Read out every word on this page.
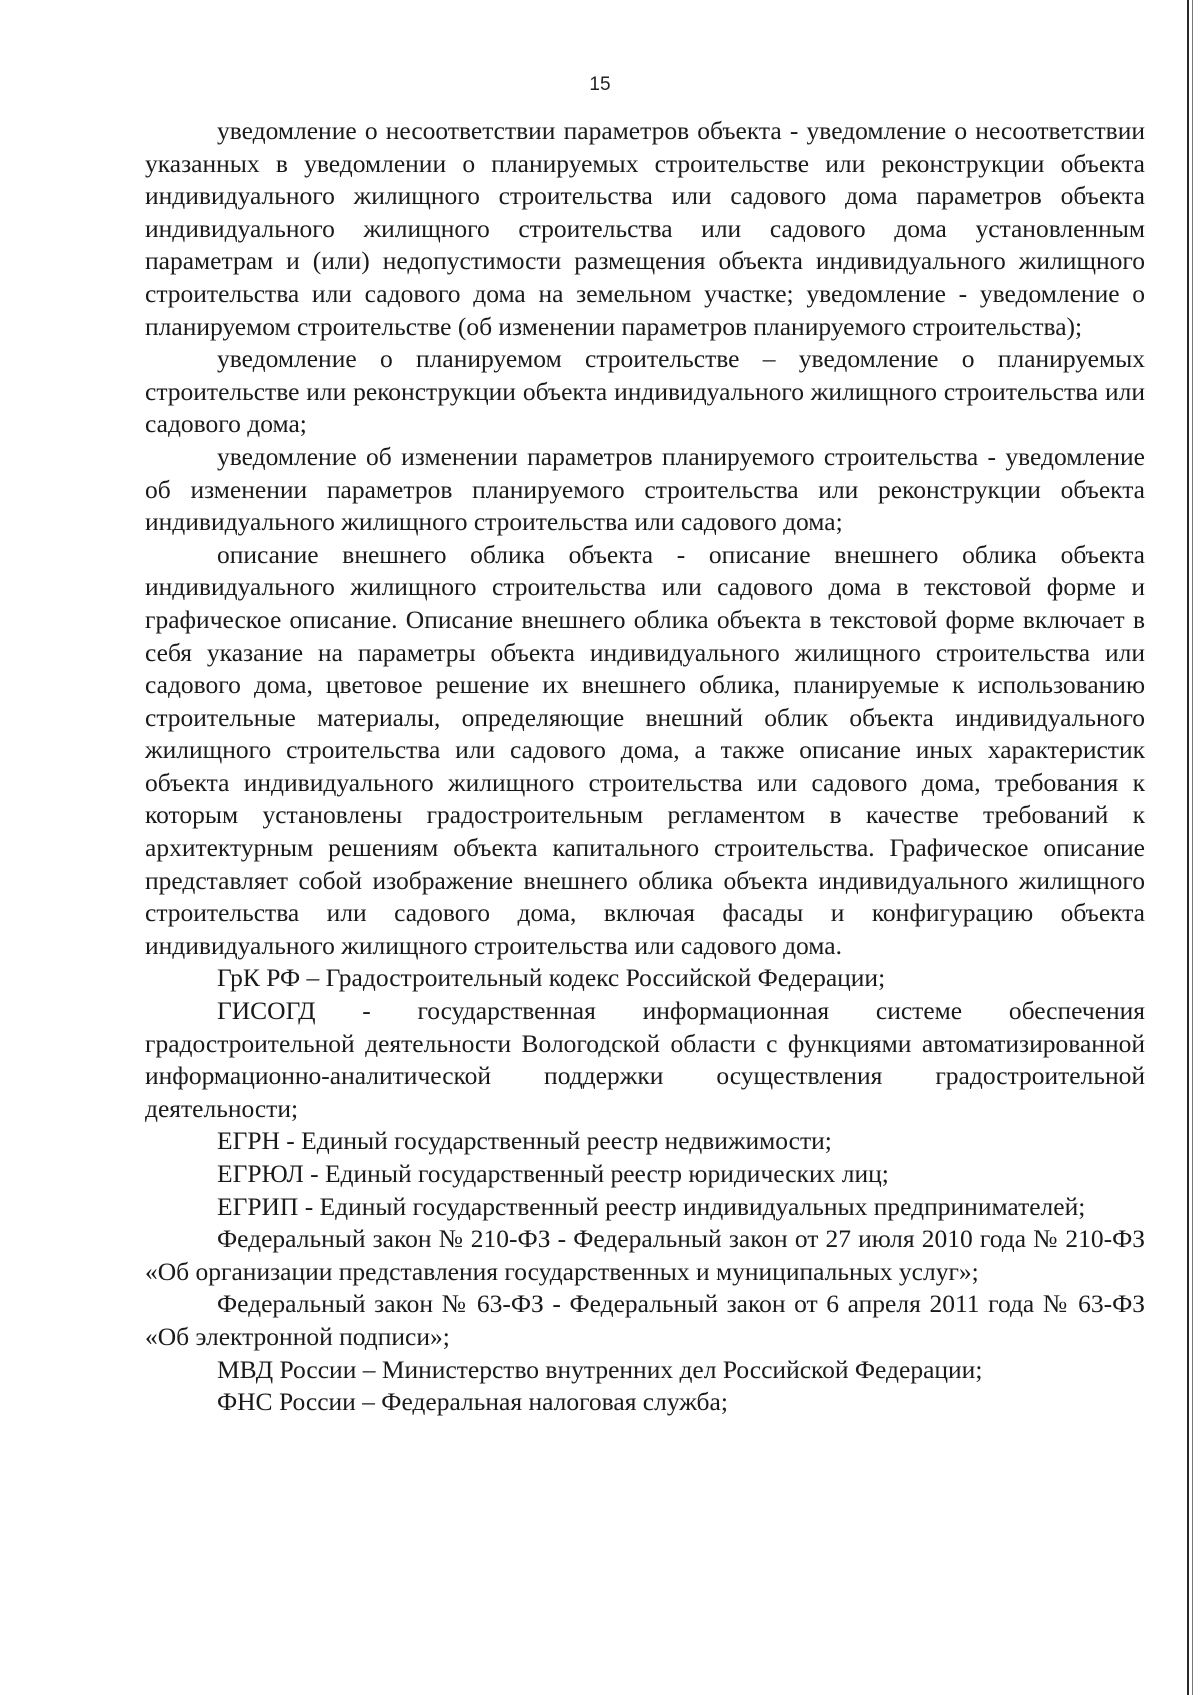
15

уведомление о несоответствии параметров объекта - уведомление о несоответствии указанных в уведомлении о планируемых строительстве или реконструкции объекта индивидуального жилищного строительства или садового дома параметров объекта индивидуального жилищного строительства или садового дома установленным параметрам и (или) недопустимости размещения объекта индивидуального жилищного строительства или садового дома на земельном участке; уведомление - уведомление о планируемом строительстве (об изменении параметров планируемого строительства);

уведомление о планируемом строительстве – уведомление о планируемых строительстве или реконструкции объекта индивидуального жилищного строительства или садового дома;

уведомление об изменении параметров планируемого строительства - уведомление об изменении параметров планируемого строительства или реконструкции объекта индивидуального жилищного строительства или садового дома;

описание внешнего облика объекта - описание внешнего облика объекта индивидуального жилищного строительства или садового дома в текстовой форме и графическое описание. Описание внешнего облика объекта в текстовой форме включает в себя указание на параметры объекта индивидуального жилищного строительства или садового дома, цветовое решение их внешнего облика, планируемые к использованию строительные материалы, определяющие внешний облик объекта индивидуального жилищного строительства или садового дома, а также описание иных характеристик объекта индивидуального жилищного строительства или садового дома, требования к которым установлены градостроительным регламентом в качестве требований к архитектурным решениям объекта капитального строительства. Графическое описание представляет собой изображение внешнего облика объекта индивидуального жилищного строительства или садового дома, включая фасады и конфигурацию объекта индивидуального жилищного строительства или садового дома.

ГрК РФ – Градостроительный кодекс Российской Федерации;

ГИСОГД - государственная информационная системе обеспечения градостроительной деятельности Вологодской области с функциями автоматизированной информационно-аналитической поддержки осуществления градостроительной деятельности;

ЕГРН - Единый государственный реестр недвижимости;

ЕГРЮЛ - Единый государственный реестр юридических лиц;

ЕГРИП - Единый государственный реестр индивидуальных предпринимателей;

Федеральный закон № 210-ФЗ - Федеральный закон от 27 июля 2010 года № 210-ФЗ «Об организации представления государственных и муниципальных услуг»;

Федеральный закон № 63-ФЗ - Федеральный закон от 6 апреля 2011 года № 63-ФЗ «Об электронной подписи»;

МВД России – Министерство внутренних дел Российской Федерации;

ФНС России – Федеральная налоговая служба;
